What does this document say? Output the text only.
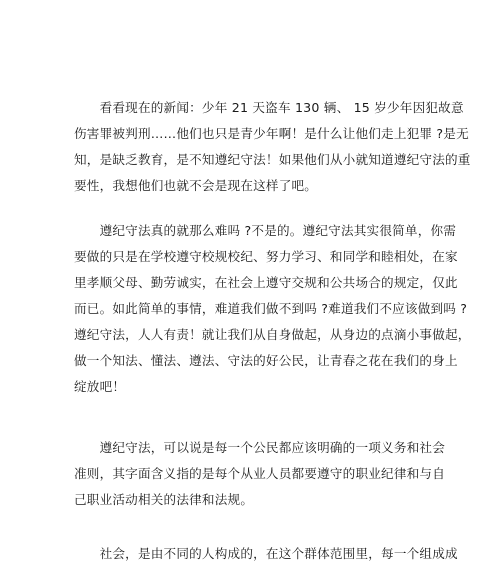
　　看看现在的新闻：少年 21 天盗车 130 辆、 15 岁少年因犯故意
伤害罪被判刑……他们也只是青少年啊！是什么让他们走上犯罪 ?是无
知，是缺乏教育，是不知遵纪守法！如果他们从小就知道遵纪守法的重
要性，我想他们也就不会是现在这样了吧。
　　遵纪守法真的就那么难吗 ?不是的。遵纪守法其实很简单，你需
要做的只是在学校遵守校规校纪、努力学习、和同学和睦相处，在家
里孝顺父母、勤劳诚实，在社会上遵守交规和公共场合的规定，仅此
而已。如此简单的事情，难道我们做不到吗 ?难道我们不应该做到吗 ?
遵纪守法，人人有责！就让我们从自身做起，从身边的点滴小事做起，
做一个知法、懂法、遵法、守法的好公民，让青春之花在我们的身上
绽放吧！
　　遵纪守法，可以说是每一个公民都应该明确的一项义务和社会
准则，其字面含义指的是每个从业人员都要遵守的职业纪律和与自
己职业活动相关的法律和法规。
　　社会，是由不同的人构成的，在这个群体范围里，每一个组成成
